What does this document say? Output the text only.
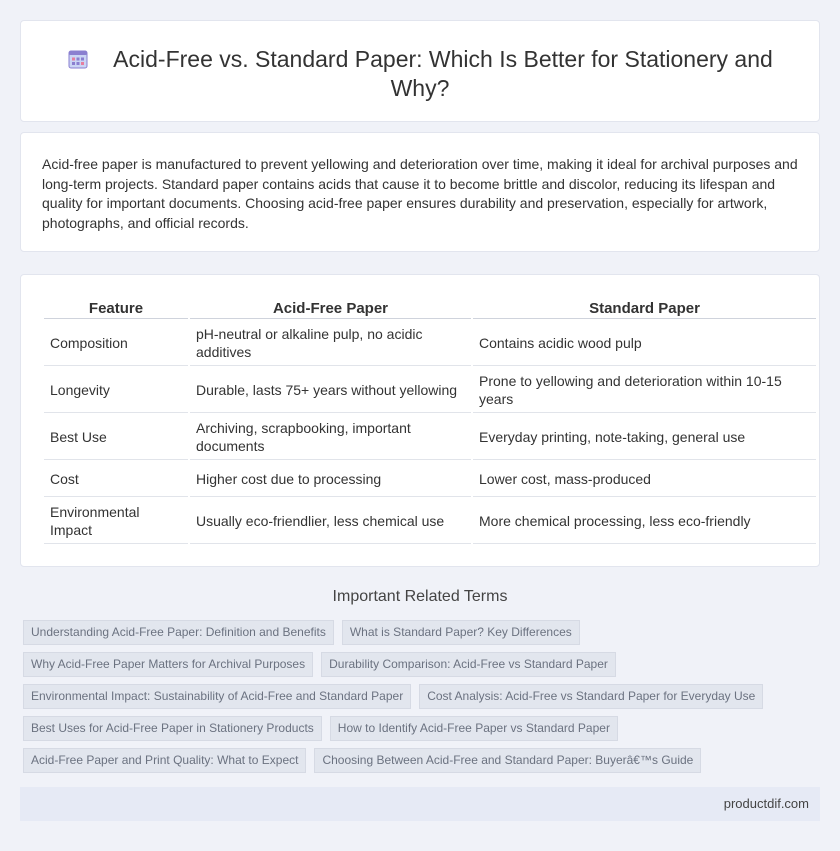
Acid-Free vs. Standard Paper: Which Is Better for Stationery and Why?

Acid-free paper is manufactured to prevent yellowing and deterioration over time, making it ideal for archival purposes and long-term projects. Standard paper contains acids that cause it to become brittle and discolor, reducing its lifespan and quality for important documents. Choosing acid-free paper ensures durability and preservation, especially for artwork, photographs, and official records.

Feature	Acid-Free Paper	Standard Paper
Composition	pH-neutral or alkaline pulp, no acidic additives	Contains acidic wood pulp
Longevity	Durable, lasts 75+ years without yellowing	Prone to yellowing and deterioration within 10-15 years
Best Use	Archiving, scrapbooking, important documents	Everyday printing, note-taking, general use
Cost	Higher cost due to processing	Lower cost, mass-produced
Environmental Impact	Usually eco-friendlier, less chemical use	More chemical processing, less eco-friendly
Important Related Terms
Understanding Acid-Free Paper: Definition and Benefits	What is Standard Paper? Key Differences
Why Acid-Free Paper Matters for Archival Purposes	Durability Comparison: Acid-Free vs Standard Paper
Environmental Impact: Sustainability of Acid-Free and Standard Paper	Cost Analysis: Acid-Free vs Standard Paper for Everyday Use
Best Uses for Acid-Free Paper in Stationery Products	How to Identify Acid-Free Paper vs Standard Paper
Acid-Free Paper and Print Quality: What to Expect	Choosing Between Acid-Free and Standard Paper: Buyerâ€™s Guide
productdif.com
